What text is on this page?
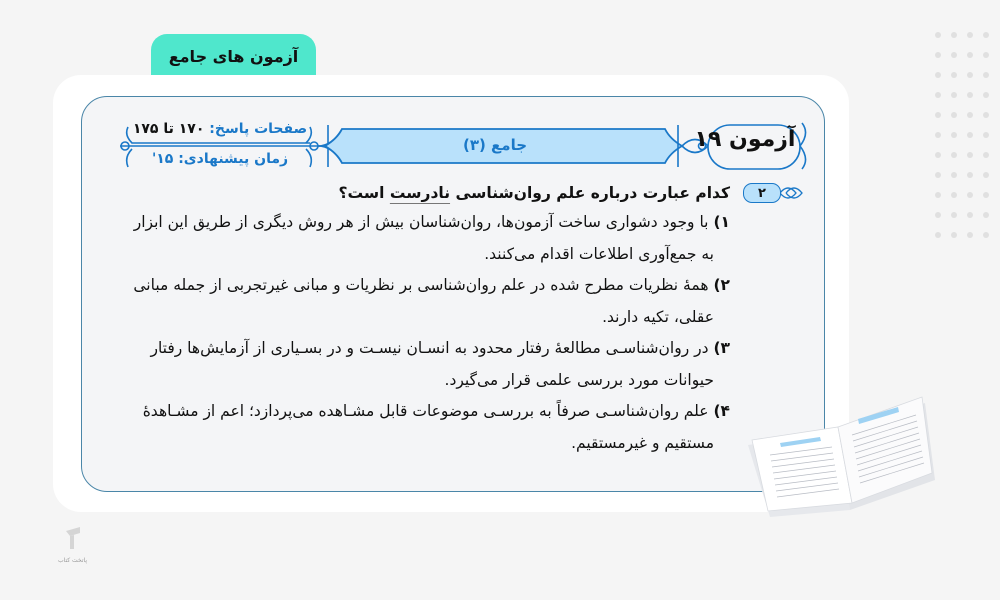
آزمون های جامع
صفحات پاسخ: ۱۷۰ تا ۱۷۵
زمان پیشنهادی: ۱۵'
جامع (۳)	آزمون ۱۹
۲
کدام عبارت درباره علم روان‌شناسی نادرست است؟
۱) با وجود دشواری ساخت آزمون‌ها، روان‌شناسان بیش از هر روش دیگری از طریق این ابزار
به جمع‌آوری اطلاعات اقدام می‌کنند.
۲) همهٔ نظریات مطرح شده در علم روان‌شناسی بر نظریات و مبانی غیرتجربی از جمله مبانی
عقلی، تکیه دارند.
۳) در روان‌شناسـی مطالعهٔ رفتار محدود به انسـان نیسـت و در بسـیاری از آزمایش‌ها رفتار
حیوانات مورد بررسی علمی قرار می‌گیرد.
۴) علم روان‌شناسـی صرفاً به بررسـی موضوعات قابل مشـاهده می‌پردازد؛ اعم از مشـاهدهٔ
مستقیم و غیرمستقیم.
پاتخت کتاب
